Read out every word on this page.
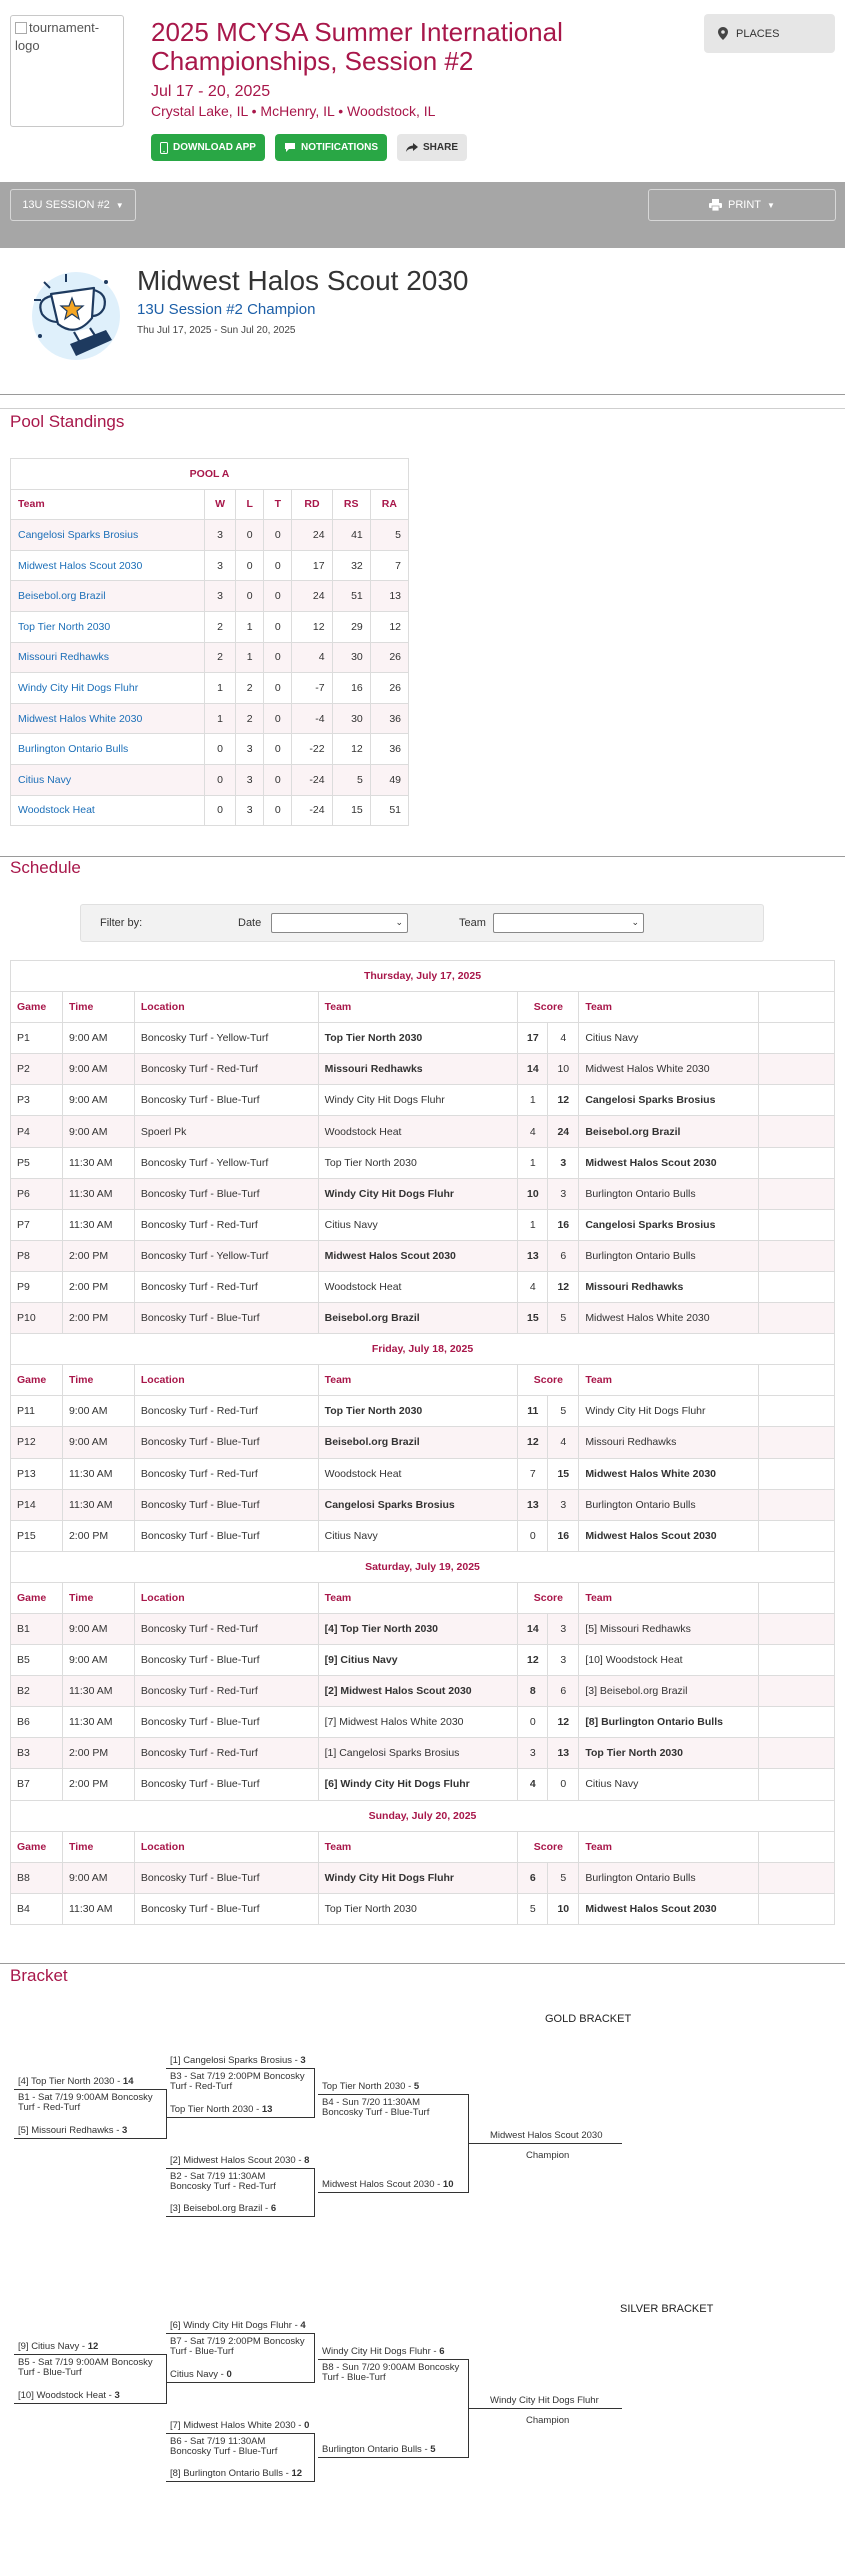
tournament-logo	2025 MCYSA Summer International Championships, Session #2
Jul 17 - 20, 2025
Crystal Lake, IL • McHenry, IL • Woodstock, IL
DOWNLOAD APP	NOTIFICATIONS	SHARE
PLACES
13U SESSION #2 ▼	PRINT ▼
Midwest Halos Scout 2030
13U Session #2 Champion
Thu Jul 17, 2025 - Sun Jul 20, 2025
Pool Standings
POOL A						
Team	W	L	T	RD	RS	RA
Cangelosi Sparks Brosius	3	0	0	24	41	5
Midwest Halos Scout 2030	3	0	0	17	32	7
Beisebol.org Brazil	3	0	0	24	51	13
Top Tier North 2030	2	1	0	12	29	12
Missouri Redhawks	2	1	0	4	30	26
Windy City Hit Dogs Fluhr	1	2	0	-7	16	26
Midwest Halos White 2030	1	2	0	-4	30	36
Burlington Ontario Bulls	0	3	0	-22	12	36
Citius Navy	0	3	0	-24	5	49
Woodstock Heat	0	3	0	-24	15	51
Schedule
Filter by:	Date	⌄	Team	⌄
Thursday, July 17, 2025							
Game	Time	Location	Team	Score		Team	
P1	9:00 AM	Boncosky Turf - Yellow-Turf	Top Tier North 2030	17	4	Citius Navy	
P2	9:00 AM	Boncosky Turf - Red-Turf	Missouri Redhawks	14	10	Midwest Halos White 2030	
P3	9:00 AM	Boncosky Turf - Blue-Turf	Windy City Hit Dogs Fluhr	1	12	Cangelosi Sparks Brosius	
P4	9:00 AM	Spoerl Pk	Woodstock Heat	4	24	Beisebol.org Brazil	
P5	11:30 AM	Boncosky Turf - Yellow-Turf	Top Tier North 2030	1	3	Midwest Halos Scout 2030	
P6	11:30 AM	Boncosky Turf - Blue-Turf	Windy City Hit Dogs Fluhr	10	3	Burlington Ontario Bulls	
P7	11:30 AM	Boncosky Turf - Red-Turf	Citius Navy	1	16	Cangelosi Sparks Brosius	
P8	2:00 PM	Boncosky Turf - Yellow-Turf	Midwest Halos Scout 2030	13	6	Burlington Ontario Bulls	
P9	2:00 PM	Boncosky Turf - Red-Turf	Woodstock Heat	4	12	Missouri Redhawks	
P10	2:00 PM	Boncosky Turf - Blue-Turf	Beisebol.org Brazil	15	5	Midwest Halos White 2030	
Friday, July 18, 2025							
Game	Time	Location	Team	Score		Team	
P11	9:00 AM	Boncosky Turf - Red-Turf	Top Tier North 2030	11	5	Windy City Hit Dogs Fluhr	
P12	9:00 AM	Boncosky Turf - Blue-Turf	Beisebol.org Brazil	12	4	Missouri Redhawks	
P13	11:30 AM	Boncosky Turf - Red-Turf	Woodstock Heat	7	15	Midwest Halos White 2030	
P14	11:30 AM	Boncosky Turf - Blue-Turf	Cangelosi Sparks Brosius	13	3	Burlington Ontario Bulls	
P15	2:00 PM	Boncosky Turf - Blue-Turf	Citius Navy	0	16	Midwest Halos Scout 2030	
Saturday, July 19, 2025							
Game	Time	Location	Team	Score		Team	
B1	9:00 AM	Boncosky Turf - Red-Turf	[4] Top Tier North 2030	14	3	[5] Missouri Redhawks	
B5	9:00 AM	Boncosky Turf - Blue-Turf	[9] Citius Navy	12	3	[10] Woodstock Heat	
B2	11:30 AM	Boncosky Turf - Red-Turf	[2] Midwest Halos Scout 2030	8	6	[3] Beisebol.org Brazil	
B6	11:30 AM	Boncosky Turf - Blue-Turf	[7] Midwest Halos White 2030	0	12	[8] Burlington Ontario Bulls	
B3	2:00 PM	Boncosky Turf - Red-Turf	[1] Cangelosi Sparks Brosius	3	13	Top Tier North 2030	
B7	2:00 PM	Boncosky Turf - Blue-Turf	[6] Windy City Hit Dogs Fluhr	4	0	Citius Navy	
Sunday, July 20, 2025							
Game	Time	Location	Team	Score		Team	
B8	9:00 AM	Boncosky Turf - Blue-Turf	Windy City Hit Dogs Fluhr	6	5	Burlington Ontario Bulls	
B4	11:30 AM	Boncosky Turf - Blue-Turf	Top Tier North 2030	5	10	Midwest Halos Scout 2030	
Bracket
GOLD BRACKET
[4] Top Tier North 2030 - 14
B1 - Sat 7/19 9:00AM Boncosky Turf - Red-Turf
[5] Missouri Redhawks - 3
[1] Cangelosi Sparks Brosius - 3
B3 - Sat 7/19 2:00PM Boncosky Turf - Red-Turf
Top Tier North 2030 - 13
[2] Midwest Halos Scout 2030 - 8
B2 - Sat 7/19 11:30AM Boncosky Turf - Red-Turf
[3] Beisebol.org Brazil - 6
Top Tier North 2030 - 5
B4 - Sun 7/20 11:30AM Boncosky Turf - Blue-Turf
Midwest Halos Scout 2030 - 10
Midwest Halos Scout 2030
Champion
SILVER BRACKET
[9] Citius Navy - 12
B5 - Sat 7/19 9:00AM Boncosky Turf - Blue-Turf
[10] Woodstock Heat - 3
[6] Windy City Hit Dogs Fluhr - 4
B7 - Sat 7/19 2:00PM Boncosky Turf - Blue-Turf
Citius Navy - 0
[7] Midwest Halos White 2030 - 0
B6 - Sat 7/19 11:30AM Boncosky Turf - Blue-Turf
[8] Burlington Ontario Bulls - 12
Windy City Hit Dogs Fluhr - 6
B8 - Sun 7/20 9:00AM Boncosky Turf - Blue-Turf
Burlington Ontario Bulls - 5
Windy City Hit Dogs Fluhr
Champion
